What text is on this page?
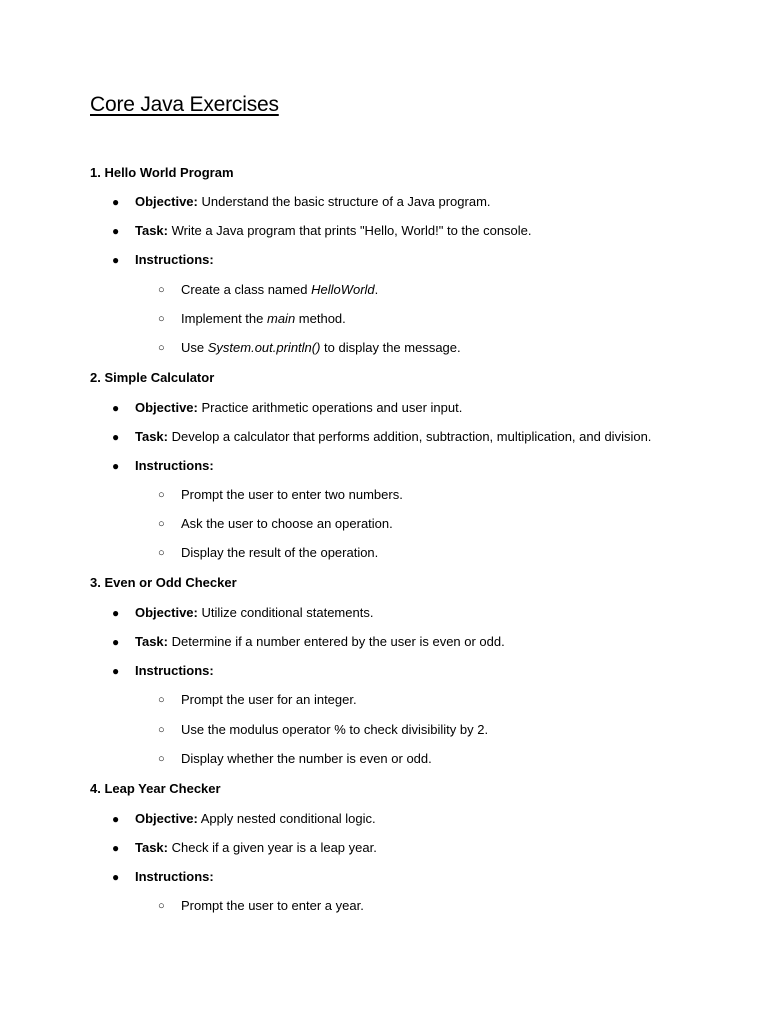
Core Java Exercises
1. Hello World Program
● Objective: Understand the basic structure of a Java program.
● Task: Write a Java program that prints "Hello, World!" to the console.
● Instructions:
○ Create a class named HelloWorld.
○ Implement the main method.
○ Use System.out.println() to display the message.
2. Simple Calculator
● Objective: Practice arithmetic operations and user input.
● Task: Develop a calculator that performs addition, subtraction, multiplication, and division.
● Instructions:
○ Prompt the user to enter two numbers.
○ Ask the user to choose an operation.
○ Display the result of the operation.
3. Even or Odd Checker
● Objective: Utilize conditional statements.
● Task: Determine if a number entered by the user is even or odd.
● Instructions:
○ Prompt the user for an integer.
○ Use the modulus operator % to check divisibility by 2.
○ Display whether the number is even or odd.
4. Leap Year Checker
● Objective: Apply nested conditional logic.
● Task: Check if a given year is a leap year.
● Instructions:
○ Prompt the user to enter a year.
